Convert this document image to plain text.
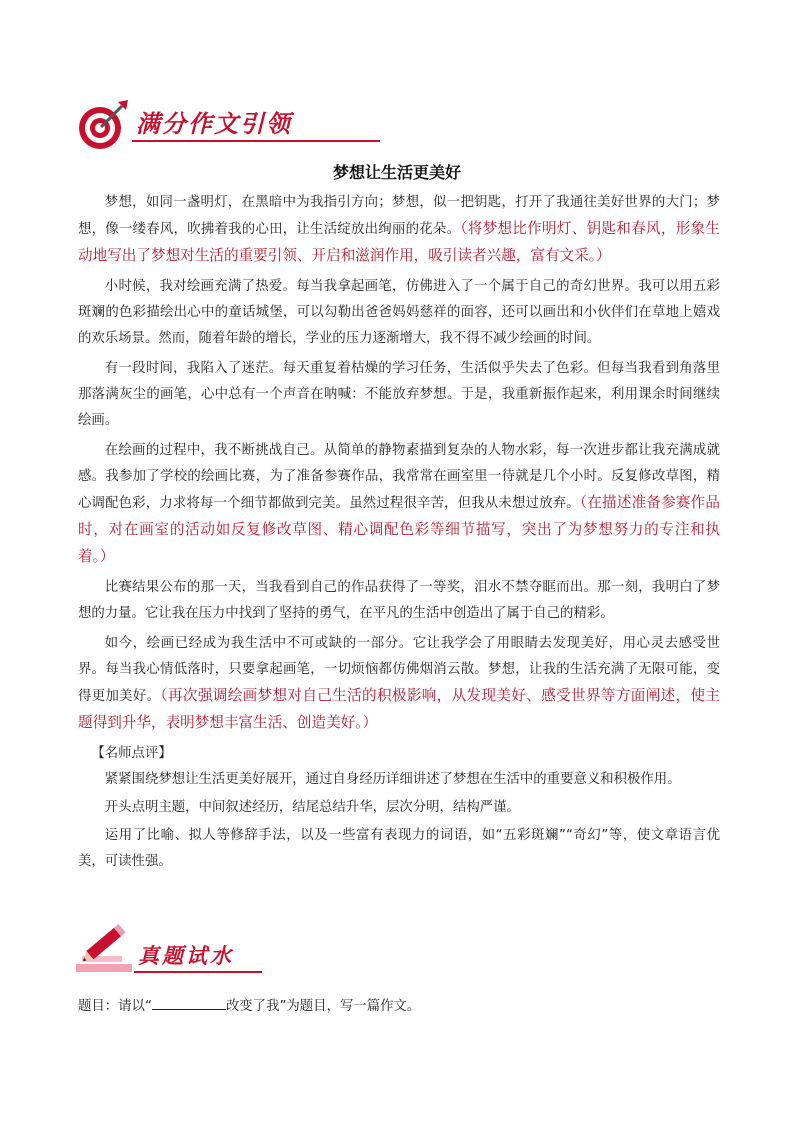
满分作文引领
梦想让生活更美好

梦想，如同一盏明灯，在黑暗中为我指引方向；梦想，似一把钥匙，打开了我通往美好世界的大门；梦想，像一缕春风，吹拂着我的心田，让生活绽放出绚丽的花朵。（将梦想比作明灯、钥匙和春风，形象生动地写出了梦想对生活的重要引领、开启和滋润作用，吸引读者兴趣，富有文采。）

小时候，我对绘画充满了热爱。每当我拿起画笔，仿佛进入了一个属于自己的奇幻世界。我可以用五彩斑斓的色彩描绘出心中的童话城堡，可以勾勒出爸爸妈妈慈祥的面容，还可以画出和小伙伴们在草地上嬉戏的欢乐场景。然而，随着年龄的增长，学业的压力逐渐增大，我不得不减少绘画的时间。

有一段时间，我陷入了迷茫。每天重复着枯燥的学习任务，生活似乎失去了色彩。但每当我看到角落里那落满灰尘的画笔，心中总有一个声音在呐喊：不能放弃梦想。于是，我重新振作起来，利用课余时间继续绘画。

在绘画的过程中，我不断挑战自己。从简单的静物素描到复杂的人物水彩，每一次进步都让我充满成就感。我参加了学校的绘画比赛，为了准备参赛作品，我常常在画室里一待就是几个小时。反复修改草图，精心调配色彩，力求将每一个细节都做到完美。虽然过程很辛苦，但我从未想过放弃。（在描述准备参赛作品时，对在画室的活动如反复修改草图、精心调配色彩等细节描写，突出了为梦想努力的专注和执着。）

比赛结果公布的那一天，当我看到自己的作品获得了一等奖，泪水不禁夺眶而出。那一刻，我明白了梦想的力量。它让我在压力中找到了坚持的勇气，在平凡的生活中创造出了属于自己的精彩。

如今，绘画已经成为我生活中不可或缺的一部分。它让我学会了用眼睛去发现美好，用心灵去感受世界。每当我心情低落时，只要拿起画笔，一切烦恼都仿佛烟消云散。梦想，让我的生活充满了无限可能，变得更加美好。（再次强调绘画梦想对自己生活的积极影响，从发现美好、感受世界等方面阐述，使主题得到升华，表明梦想丰富生活、创造美好。）

【名师点评】

紧紧围绕梦想让生活更美好展开，通过自身经历详细讲述了梦想在生活中的重要意义和积极作用。

开头点明主题，中间叙述经历，结尾总结升华，层次分明，结构严谨。

运用了比喻、拟人等修辞手法，以及一些富有表现力的词语，如“五彩斑斓”“奇幻”等，使文章语言优美，可读性强。

真题试水
题目：请以“	改变了我”为题目，写一篇作文。
